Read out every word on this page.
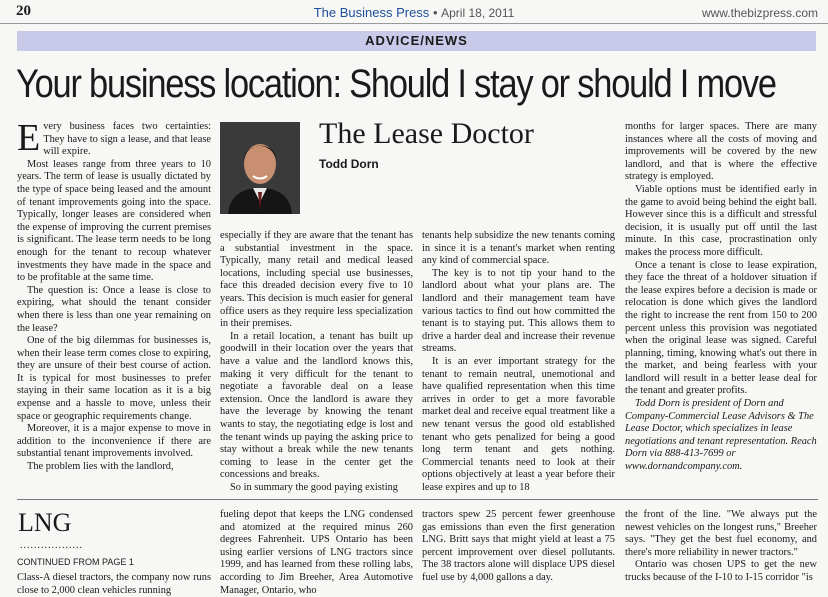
20	The Business Press • April 18, 2011	www.thebizpress.com
ADVICE/NEWS
Your business location: Should I stay or should I move

Every business faces two certainties: They have to sign a lease, and that lease will expire.

Most leases range from three years to 10 years. The term of lease is usually dictated by the type of space being leased and the amount of tenant improvements going into the space. Typically, longer leases are considered when the expense of improving the current premises is significant. The lease term needs to be long enough for the tenant to recoup whatever investments they have made in the space and to be profitable at the same time.

The question is: Once a lease is close to expiring, what should the tenant consider when there is less than one year remaining on the lease?

One of the big dilemmas for businesses is, when their lease term comes close to expiring, they are unsure of their best course of action. It is typical for most businesses to prefer staying in their same location as it is a big expense and a hassle to move, unless their space or geographic requirements change.

Moreover, it is a major expense to move in addition to the inconvenience if there are substantial tenant improvements involved.

The problem lies with the landlord,

The Lease Doctor
Todd Dorn

especially if they are aware that the tenant has a substantial investment in the space. Typically, many retail and medical leased locations, including special use businesses, face this dreaded decision every five to 10 years. This decision is much easier for general office users as they require less specialization in their premises.

In a retail location, a tenant has built up goodwill in their location over the years that have a value and the landlord knows this, making it very difficult for the tenant to negotiate a favorable deal on a lease extension. Once the landlord is aware they have the leverage by knowing the tenant wants to stay, the negotiating edge is lost and the tenant winds up paying the asking price to stay without a break while the new tenants coming to lease in the center get the concessions and breaks.

So in summary the good paying existing

tenants help subsidize the new tenants coming in since it is a tenant's market when renting any kind of commercial space.

The key is to not tip your hand to the landlord about what your plans are. The landlord and their management team have various tactics to find out how committed the tenant is to staying put. This allows them to drive a harder deal and increase their revenue streams.

It is an ever important strategy for the tenant to remain neutral, unemotional and have qualified representation when this time arrives in order to get a more favorable market deal and receive equal treatment like a new tenant versus the good old established tenant who gets penalized for being a good long term tenant and gets nothing. Commercial tenants need to look at their options objectively at least a year before their lease expires and up to 18

months for larger spaces. There are many instances where all the costs of moving and improvements will be covered by the new landlord, and that is where the effective strategy is employed.

Viable options must be identified early in the game to avoid being behind the eight ball. However since this is a difficult and stressful decision, it is usually put off until the last minute. In this case, procrastination only makes the process more difficult.

Once a tenant is close to lease expiration, they face the threat of a holdover situation if the lease expires before a decision is made or relocation is done which gives the landlord the right to increase the rent from 150 to 200 percent unless this provision was negotiated when the original lease was signed. Careful planning, timing, knowing what's out there in the market, and being fearless with your landlord will result in a better lease deal for the tenant and greater profits.

Todd Dorn is president of Dorn and Company-Commercial Lease Advisors & The Lease Doctor, which specializes in lease negotiations and tenant representation. Reach Dorn via 888-413-7699 or www.dornandcompany.com.

LNG
..................
CONTINUED FROM PAGE 1

Class-A diesel tractors, the company now runs close to 2,000 clean vehicles running

fueling depot that keeps the LNG condensed and atomized at the required minus 260 degrees Fahrenheit. UPS Ontario has been using earlier versions of LNG tractors since 1999, and has learned from these rolling labs, according to Jim Breeher, Area Automotive Manager, Ontario, who

tractors spew 25 percent fewer greenhouse gas emissions than even the first generation LNG. Britt says that might yield at least a 75 percent improvement over diesel pollutants. The 38 tractors alone will displace UPS diesel fuel use by 4,000 gallons a day.

the front of the line. "We always put the newest vehicles on the longest runs," Breeher says. "They get the best fuel economy, and there's more reliability in newer tractors."

Ontario was chosen UPS to get the new trucks because of the I-10 to I-15 corridor "is
